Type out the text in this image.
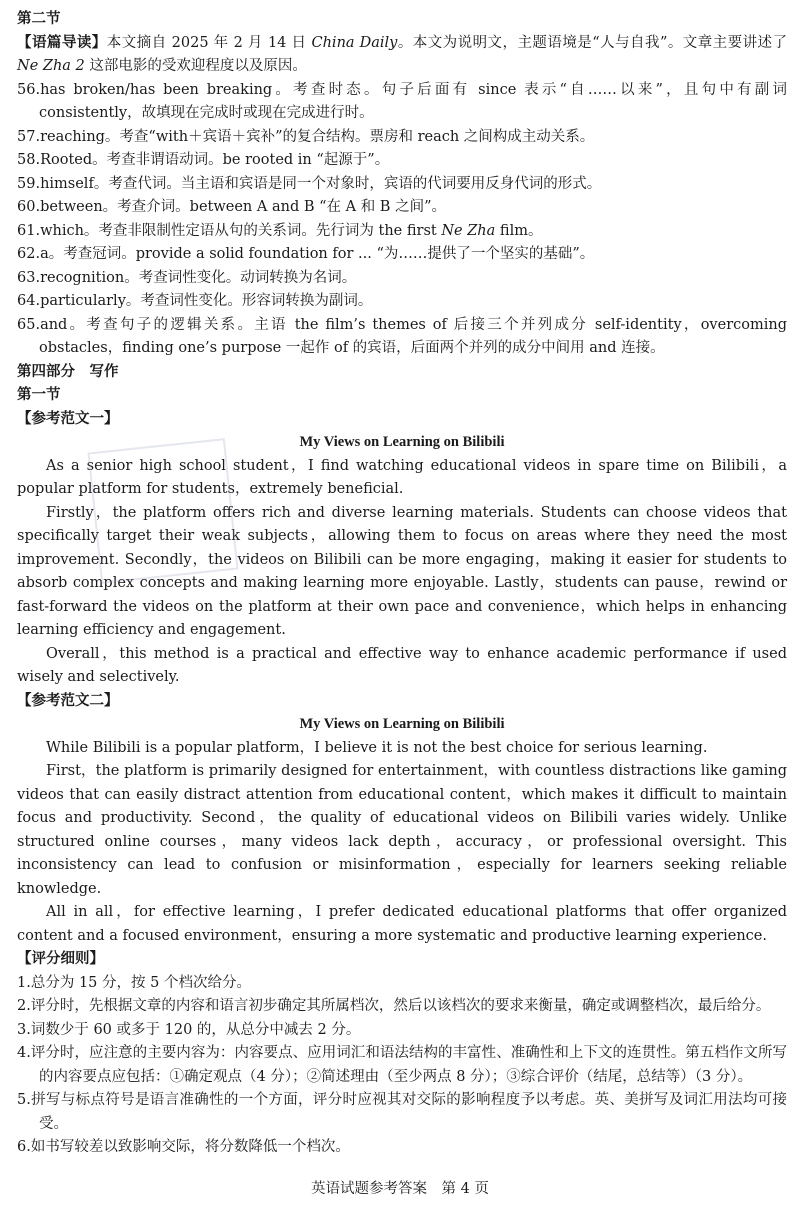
第二节

【语篇导读】本文摘自 2025 年 2 月 14 日 China Daily。本文为说明文，主题语境是“人与自我”。文章主要讲述了 Ne Zha 2 这部电影的受欢迎程度以及原因。

56.has broken/has been breaking。考查时态。句子后面有 since 表示“自……以来”，且句中有副词 consistently，故填现在完成时或现在完成进行时。

57.reaching。考查“with＋宾语＋宾补”的复合结构。票房和 reach 之间构成主动关系。

58.Rooted。考查非谓语动词。be rooted in “起源于”。

59.himself。考查代词。当主语和宾语是同一个对象时，宾语的代词要用反身代词的形式。

60.between。考查介词。between A and B “在 A 和 B 之间”。

61.which。考查非限制性定语从句的关系词。先行词为 the first Ne Zha film。

62.a。考查冠词。provide a solid foundation for ... “为……提供了一个坚实的基础”。

63.recognition。考查词性变化。动词转换为名词。

64.particularly。考查词性变化。形容词转换为副词。

65.and。考查句子的逻辑关系。主语 the film’s themes of 后接三个并列成分 self-identity，overcoming obstacles，finding one’s purpose 一起作 of 的宾语，后面两个并列的成分中间用 and 连接。

第四部分　写作
第一节
【参考范文一】

My Views on Learning on Bilibili

As a senior high school student，I find watching educational videos in spare time on Bilibili，a popular platform for students，extremely beneficial.

Firstly，the platform offers rich and diverse learning materials. Students can choose videos that specifically target their weak subjects，allowing them to focus on areas where they need the most improvement. Secondly，the videos on Bilibili can be more engaging，making it easier for students to absorb complex concepts and making learning more enjoyable. Lastly，students can pause，rewind or fast-forward the videos on the platform at their own pace and convenience，which helps in enhancing learning efficiency and engagement.

Overall，this method is a practical and effective way to enhance academic performance if used wisely and selectively.

【参考范文二】

My Views on Learning on Bilibili

While Bilibili is a popular platform，I believe it is not the best choice for serious learning.

First，the platform is primarily designed for entertainment，with countless distractions like gaming videos that can easily distract attention from educational content，which makes it difficult to maintain focus and productivity. Second，the quality of educational videos on Bilibili varies widely. Unlike structured online courses，many videos lack depth，accuracy，or professional oversight. This inconsistency can lead to confusion or misinformation，especially for learners seeking reliable knowledge.

All in all，for effective learning，I prefer dedicated educational platforms that offer organized content and a focused environment，ensuring a more systematic and productive learning experience.

【评分细则】

1.总分为 15 分，按 5 个档次给分。

2.评分时，先根据文章的内容和语言初步确定其所属档次，然后以该档次的要求来衡量，确定或调整档次，最后给分。

3.词数少于 60 或多于 120 的，从总分中减去 2 分。

4.评分时，应注意的主要内容为：内容要点、应用词汇和语法结构的丰富性、准确性和上下文的连贯性。第五档作文所写的内容要点应包括：①确定观点（4 分）；②简述理由（至少两点 8 分）；③综合评价（结尾，总结等）（3 分）。

5.拼写与标点符号是语言准确性的一个方面，评分时应视其对交际的影响程度予以考虑。英、美拼写及词汇用法均可接受。

6.如书写较差以致影响交际，将分数降低一个档次。

英语试题参考答案　第 4 页
